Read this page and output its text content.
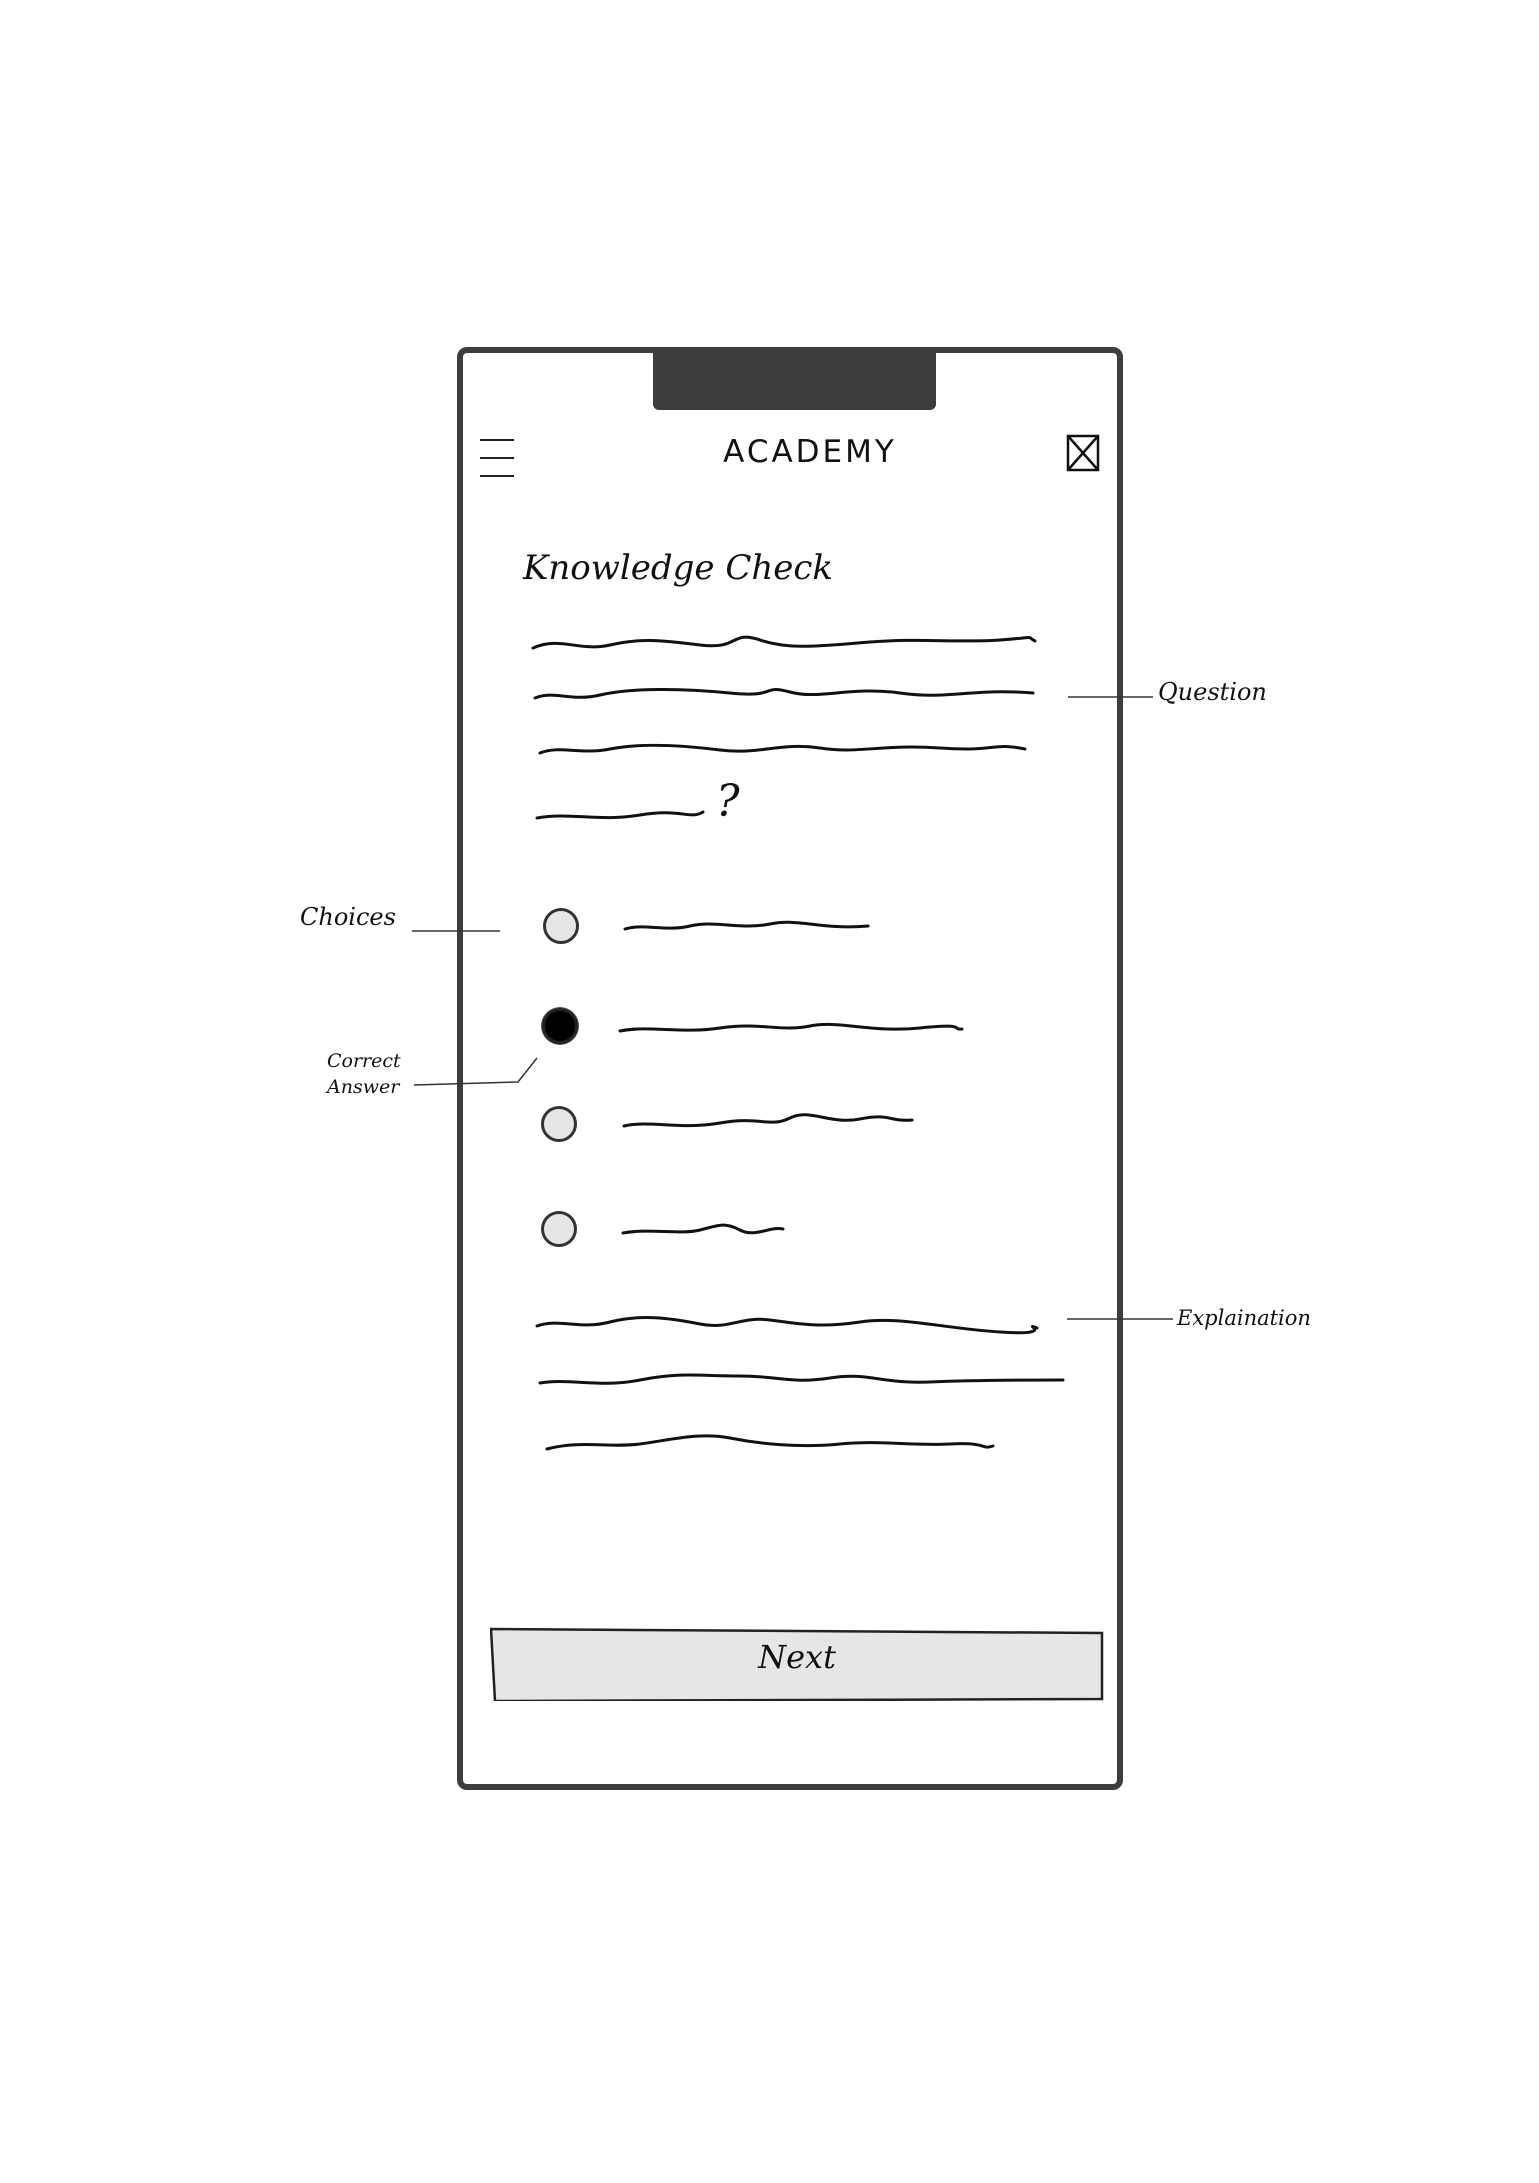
ACADEMY
Knowledge Check
?
Next
Question
Choices
Correct Answer
Explaination
